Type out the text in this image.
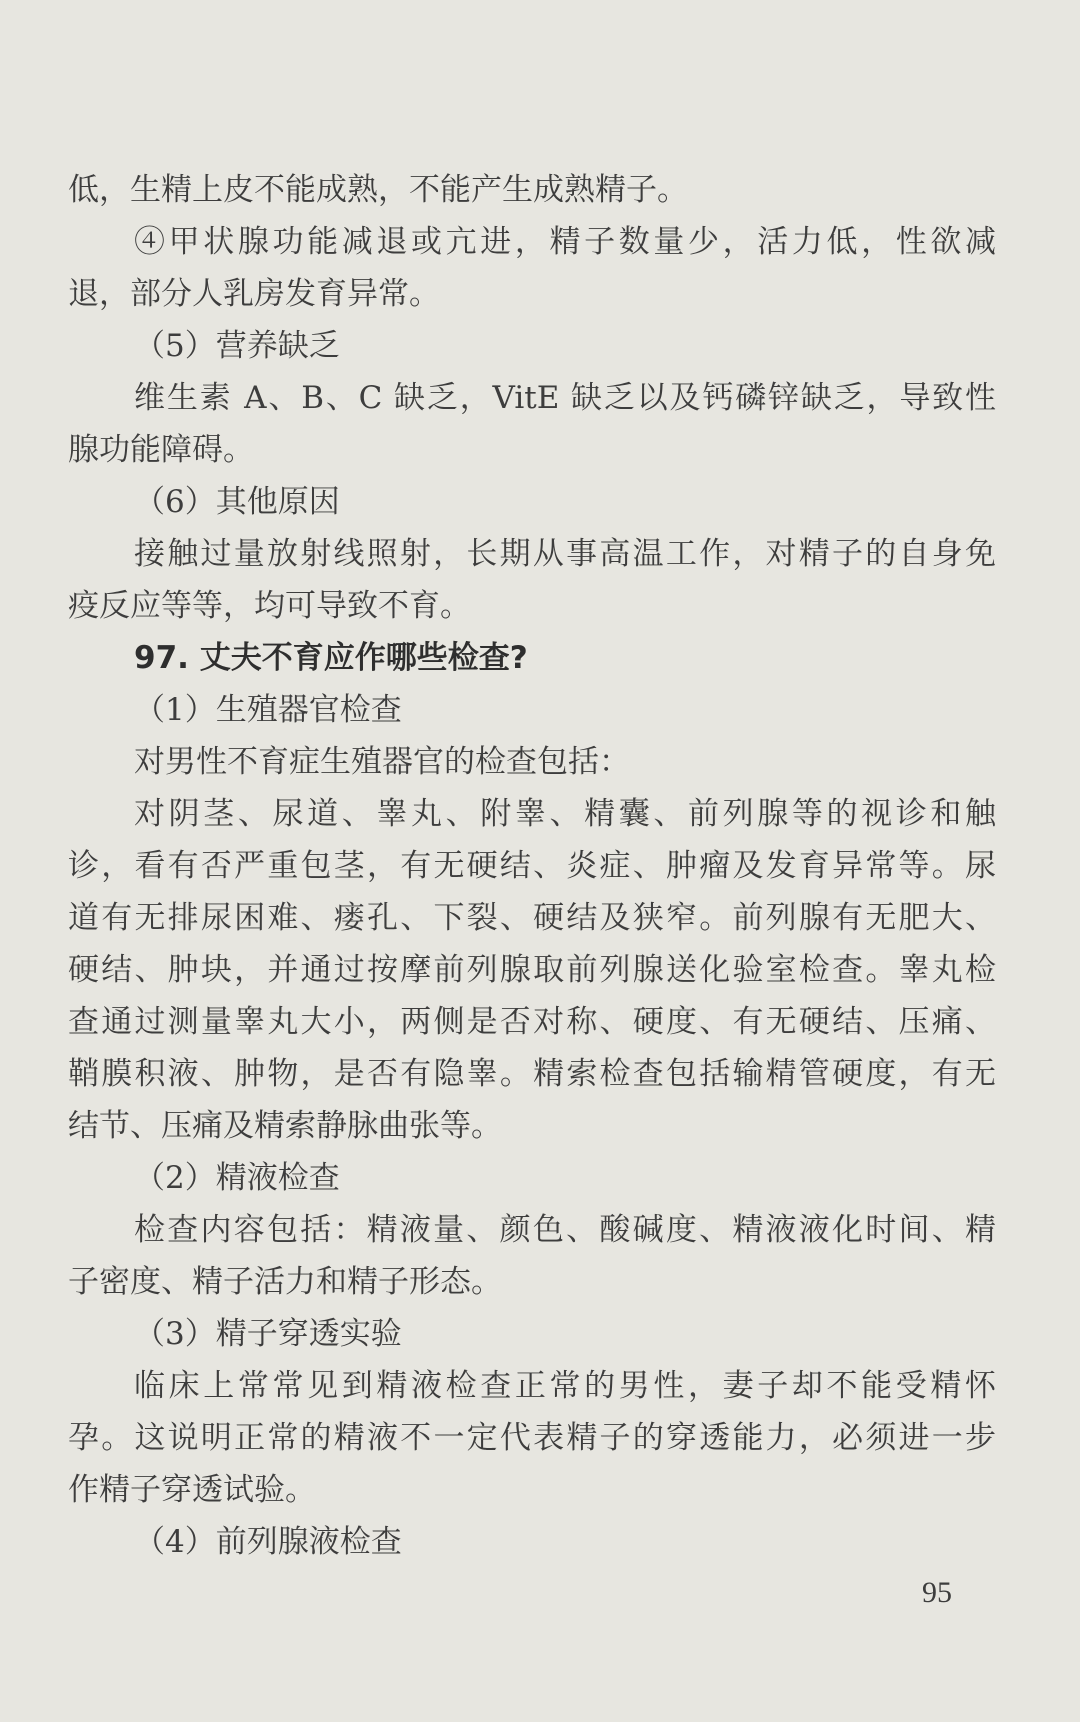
低，生精上皮不能成熟，不能产生成熟精子。
④甲状腺功能减退或亢进，精子数量少，活力低，性欲减
退，部分人乳房发育异常。
（5）营养缺乏
维生素 A、B、C 缺乏，VitE 缺乏以及钙磷锌缺乏，导致性
腺功能障碍。
（6）其他原因
接触过量放射线照射，长期从事高温工作，对精子的自身免
疫反应等等，均可导致不育。
97. 丈夫不育应作哪些检查?
（1）生殖器官检查
对男性不育症生殖器官的检查包括：
对阴茎、尿道、睾丸、附睾、精囊、前列腺等的视诊和触
诊，看有否严重包茎，有无硬结、炎症、肿瘤及发育异常等。尿
道有无排尿困难、瘘孔、下裂、硬结及狭窄。前列腺有无肥大、
硬结、肿块，并通过按摩前列腺取前列腺送化验室检查。睾丸检
查通过测量睾丸大小，两侧是否对称、硬度、有无硬结、压痛、
鞘膜积液、肿物，是否有隐睾。精索检查包括输精管硬度，有无
结节、压痛及精索静脉曲张等。
（2）精液检查
检查内容包括：精液量、颜色、酸碱度、精液液化时间、精
子密度、精子活力和精子形态。
（3）精子穿透实验
临床上常常见到精液检查正常的男性，妻子却不能受精怀
孕。这说明正常的精液不一定代表精子的穿透能力，必须进一步
作精子穿透试验。
（4）前列腺液检查
95
